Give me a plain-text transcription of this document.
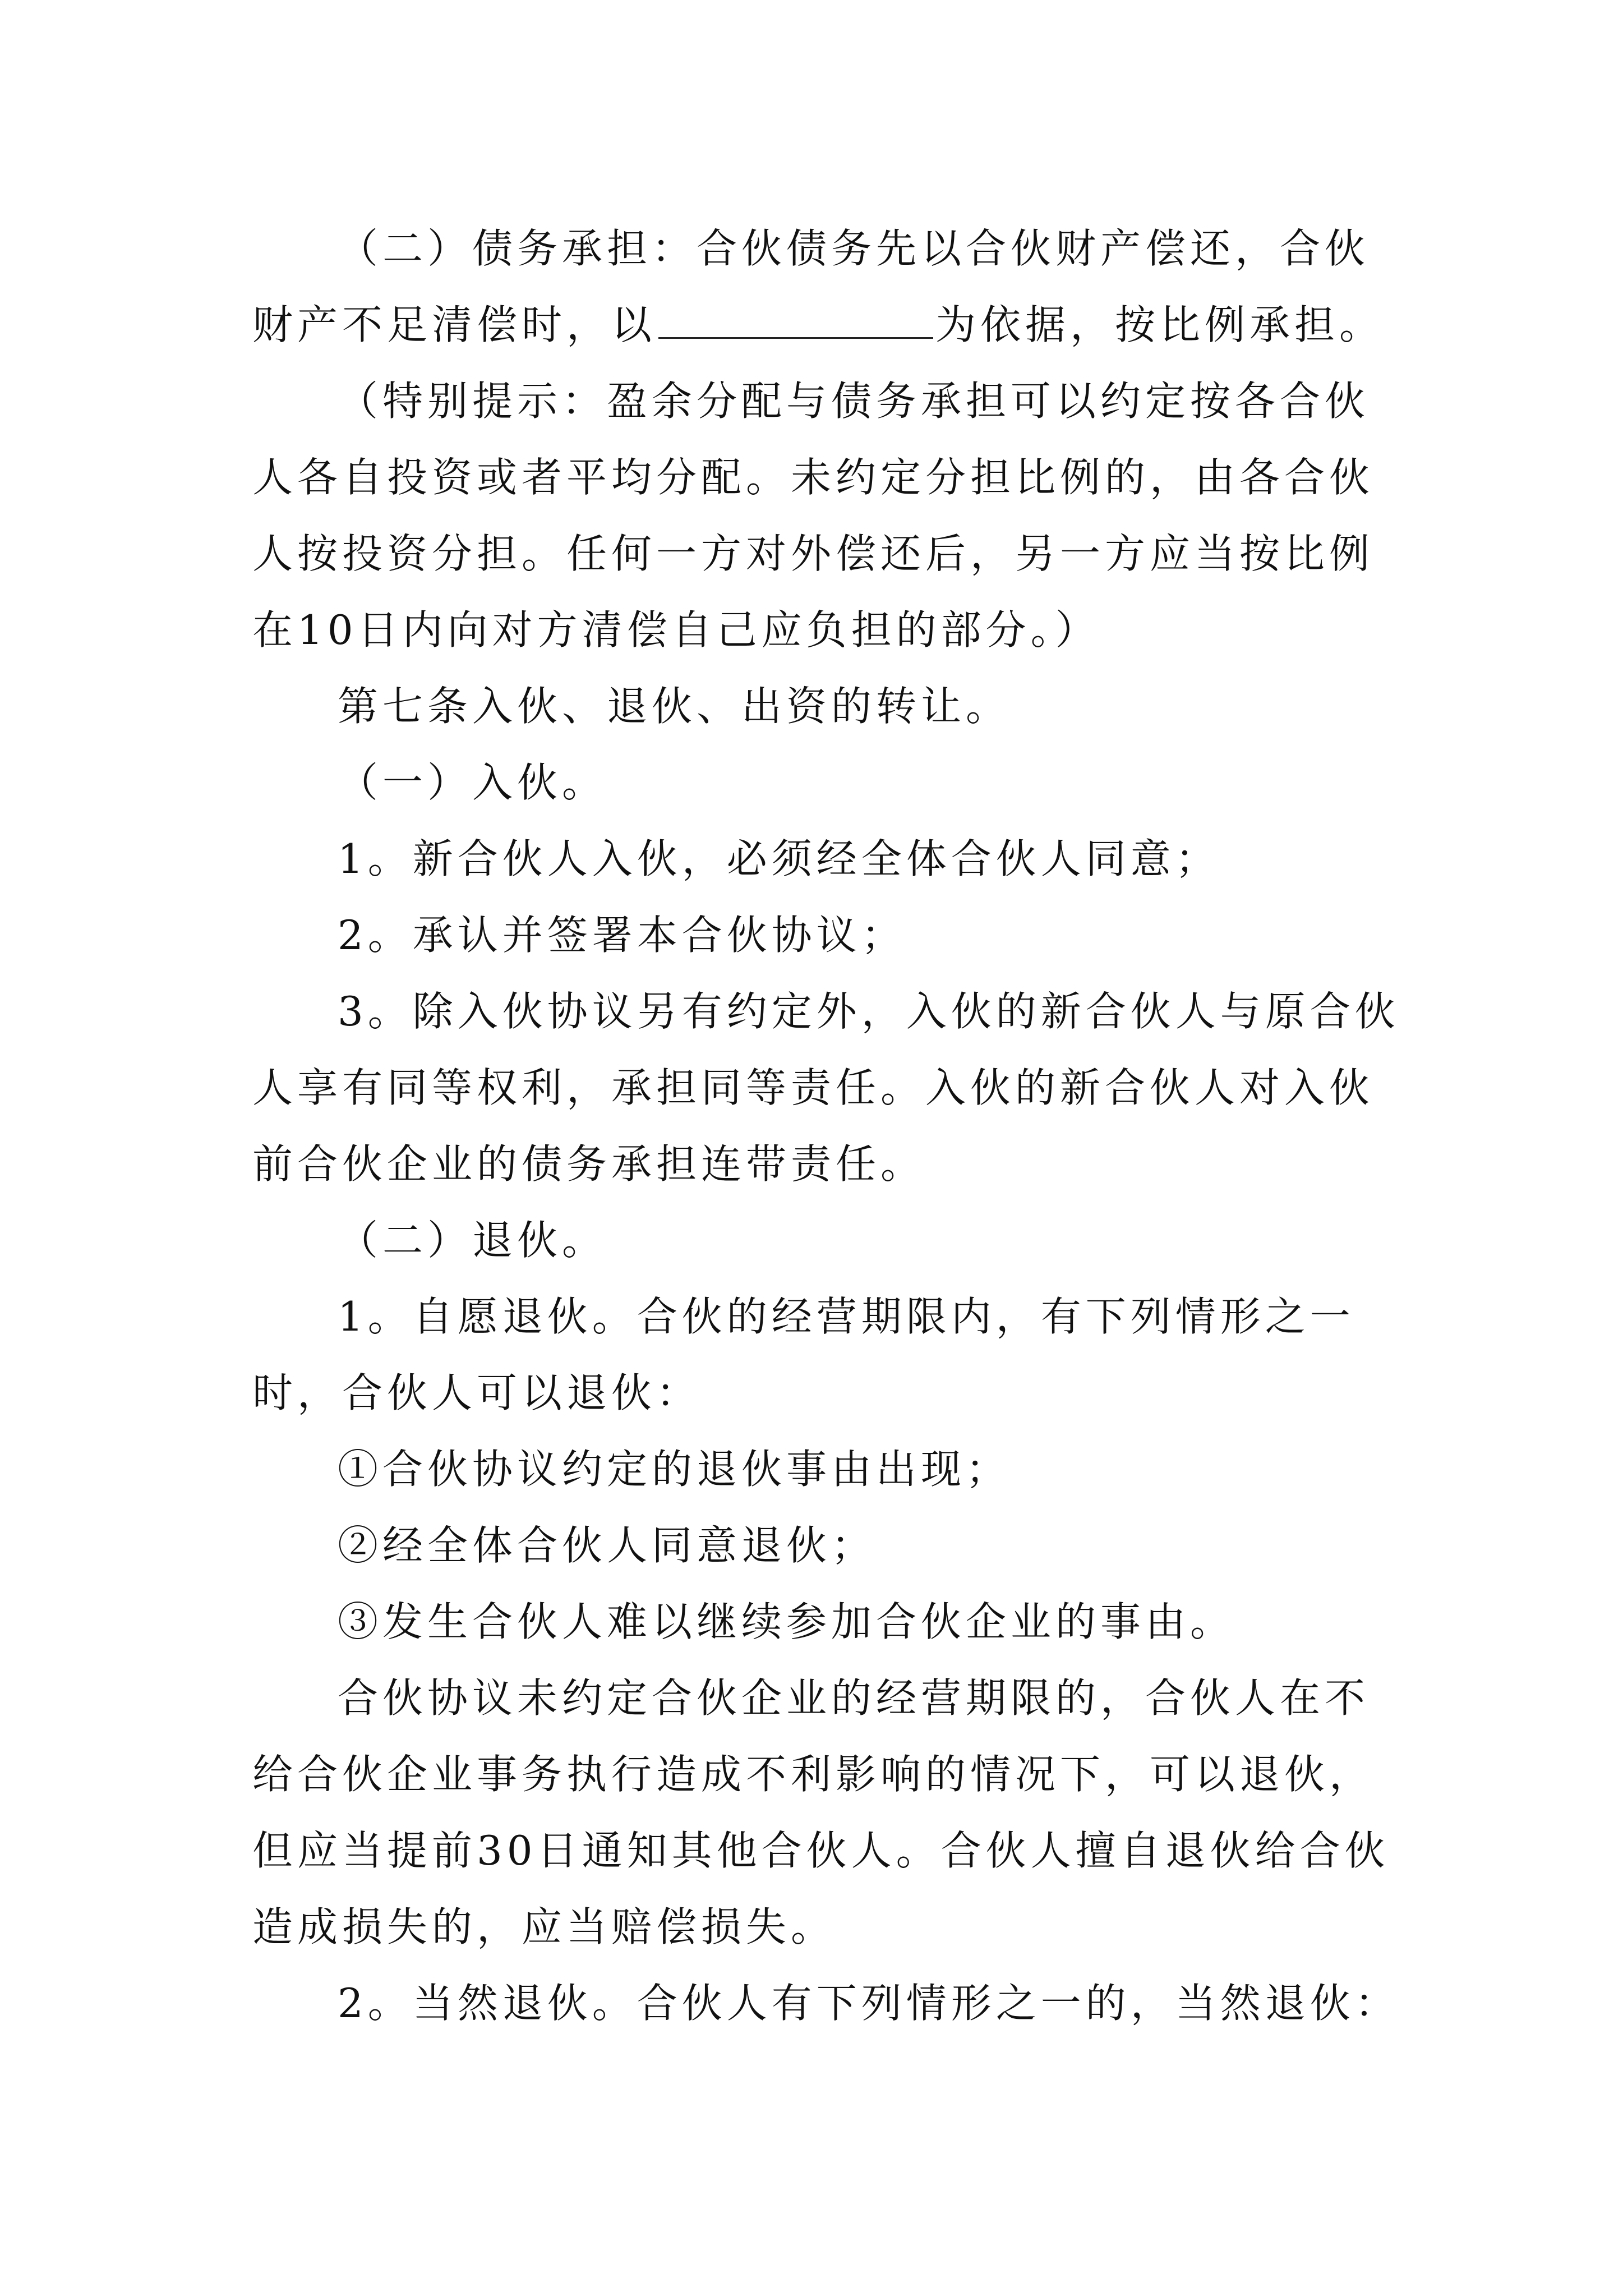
（二）债务承担：合伙债务先以合伙财产偿还，合伙财产不足清偿时，以	为依据，按比例承担。

（特别提示：盈余分配与债务承担可以约定按各合伙人各自投资或者平均分配。未约定分担比例的，由各合伙人按投资分担。任何一方对外偿还后，另一方应当按比例在10日内向对方清偿自己应负担的部分。）

第七条入伙、退伙、出资的转让。

（一）入伙。

1。新合伙人入伙，必须经全体合伙人同意；

2。承认并签署本合伙协议；

3。除入伙协议另有约定外，入伙的新合伙人与原合伙人享有同等权利，承担同等责任。入伙的新合伙人对入伙前合伙企业的债务承担连带责任。

（二）退伙。

1。自愿退伙。合伙的经营期限内，有下列情形之一时，合伙人可以退伙：

①合伙协议约定的退伙事由出现；

②经全体合伙人同意退伙；

③发生合伙人难以继续参加合伙企业的事由。

合伙协议未约定合伙企业的经营期限的，合伙人在不给合伙企业事务执行造成不利影响的情况下，可以退伙，但应当提前30日通知其他合伙人。合伙人擅自退伙给合伙造成损失的，应当赔偿损失。

2。当然退伙。合伙人有下列情形之一的，当然退伙：
